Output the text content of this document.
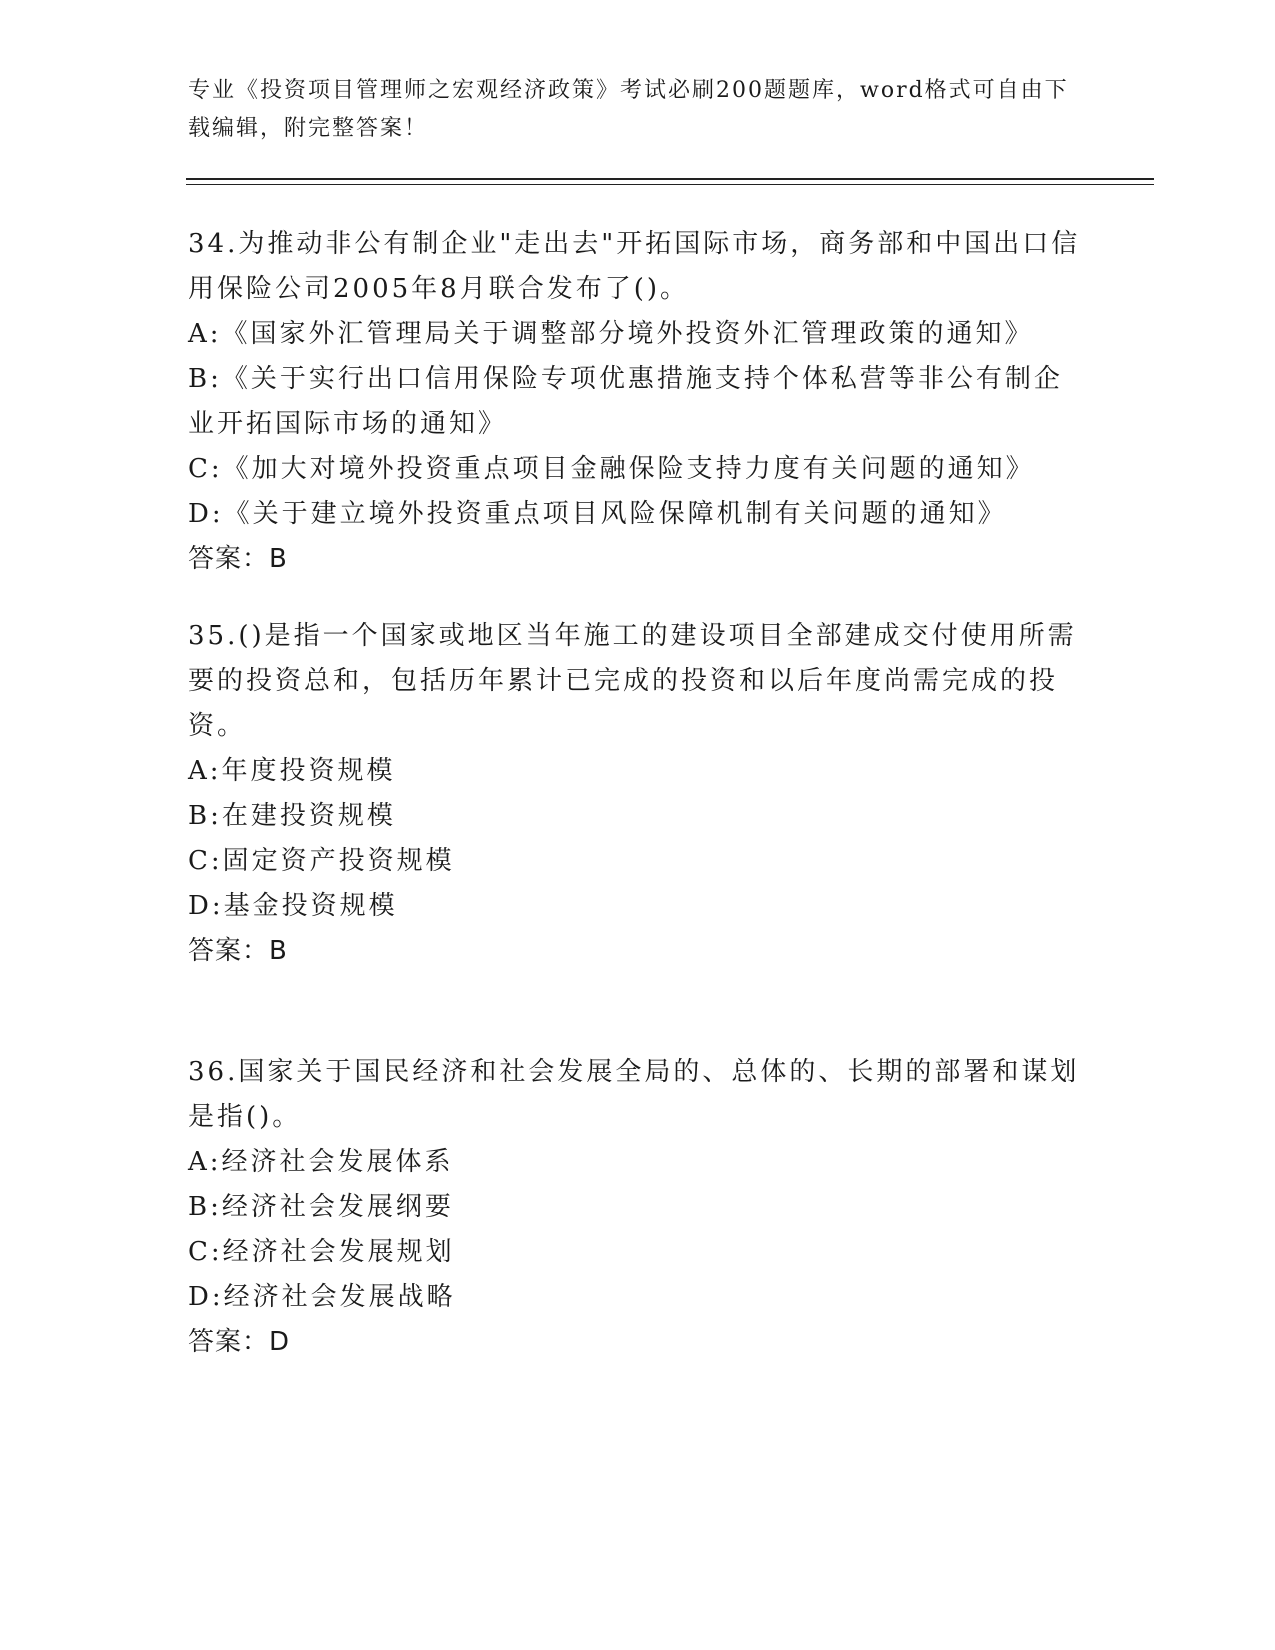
专业《投资项目管理师之宏观经济政策》考试必刷200题题库，word格式可自由下载编辑，附完整答案！

34.为推动非公有制企业"走出去"开拓国际市场，商务部和中国出口信用保险公司2005年8月联合发布了()。

A:《国家外汇管理局关于调整部分境外投资外汇管理政策的通知》

B:《关于实行出口信用保险专项优惠措施支持个体私营等非公有制企业开拓国际市场的通知》

C:《加大对境外投资重点项目金融保险支持力度有关问题的通知》

D:《关于建立境外投资重点项目风险保障机制有关问题的通知》

答案：B

35.()是指一个国家或地区当年施工的建设项目全部建成交付使用所需要的投资总和，包括历年累计已完成的投资和以后年度尚需完成的投资。

A:年度投资规模

B:在建投资规模

C:固定资产投资规模

D:基金投资规模

答案：B

36.国家关于国民经济和社会发展全局的、总体的、长期的部署和谋划是指()。

A:经济社会发展体系

B:经济社会发展纲要

C:经济社会发展规划

D:经济社会发展战略

答案：D
